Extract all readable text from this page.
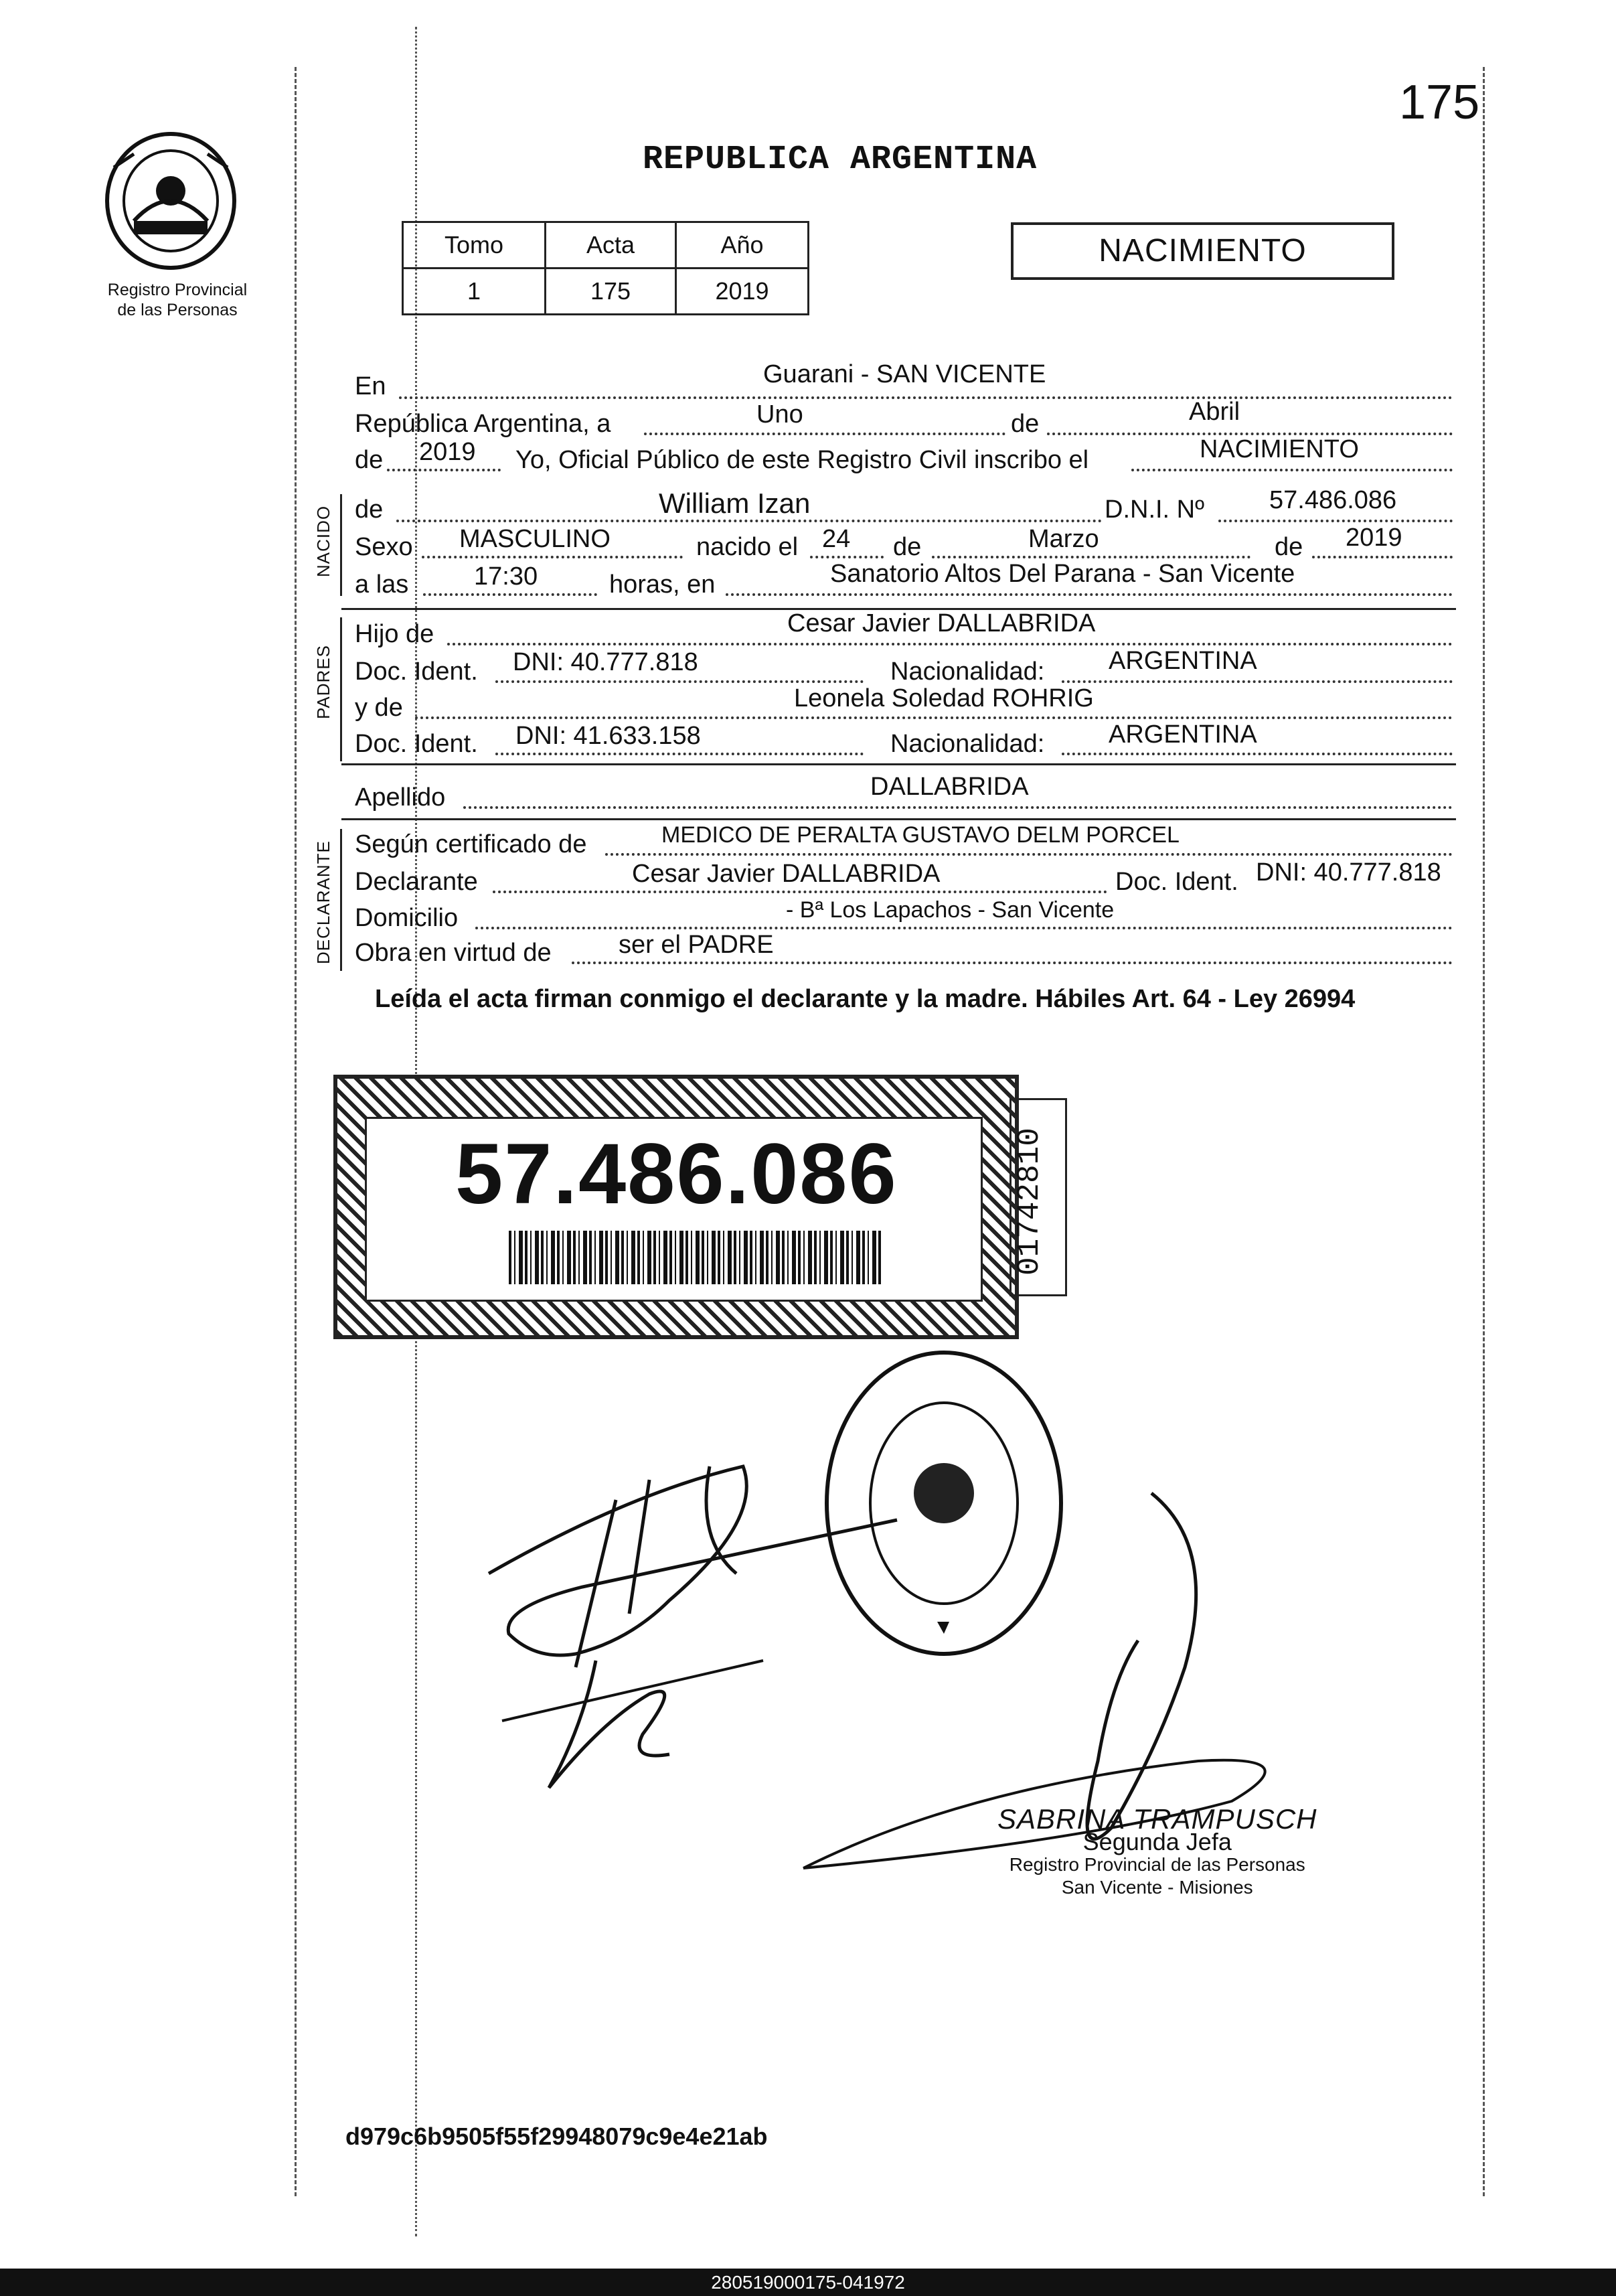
175
REPUBLICA ARGENTINA
Registro Provincial
de las Personas
Tomo	Acta	Año
1	175	2019
NACIMIENTO
NACIDO
PADRES
DECLARANTE
En	Guarani - SAN VICENTE
República Argentina, a	Uno	de	Abril
de 2019 Yo, Oficial Público de este Registro Civil inscribo el	NACIMIENTO
de	William Izan	D.N.I. Nº	57.486.086
Sexo MASCULINO	nacido el 24 de	Marzo	de 2019
a las	17:30	horas, en	Sanatorio Altos Del Parana - San Vicente
Hijo de	Cesar Javier DALLABRIDA
Doc. Ident. DNI: 40.777.818	Nacionalidad:	ARGENTINA
y de	Leonela Soledad ROHRIG
Doc. Ident. DNI: 41.633.158	Nacionalidad:	ARGENTINA
Apellido	DALLABRIDA
Según certificado de	MEDICO DE PERALTA GUSTAVO DELM PORCEL
Declarante	Cesar Javier DALLABRIDA	Doc. Ident. DNI: 40.777.818
Domicilio	- Bª Los Lapachos - San Vicente
Obra en virtud de	ser el PADRE
Leída el acta firman conmigo el declarante y la madre. Hábiles Art. 64 - Ley 26994
57.486.086	01742810
SABRINA TRAMPUSCH
Segunda Jefa
Registro Provincial de las Personas
San Vicente - Misiones
d979c6b9505f55f29948079c9e4e21ab
280519000175-041972
